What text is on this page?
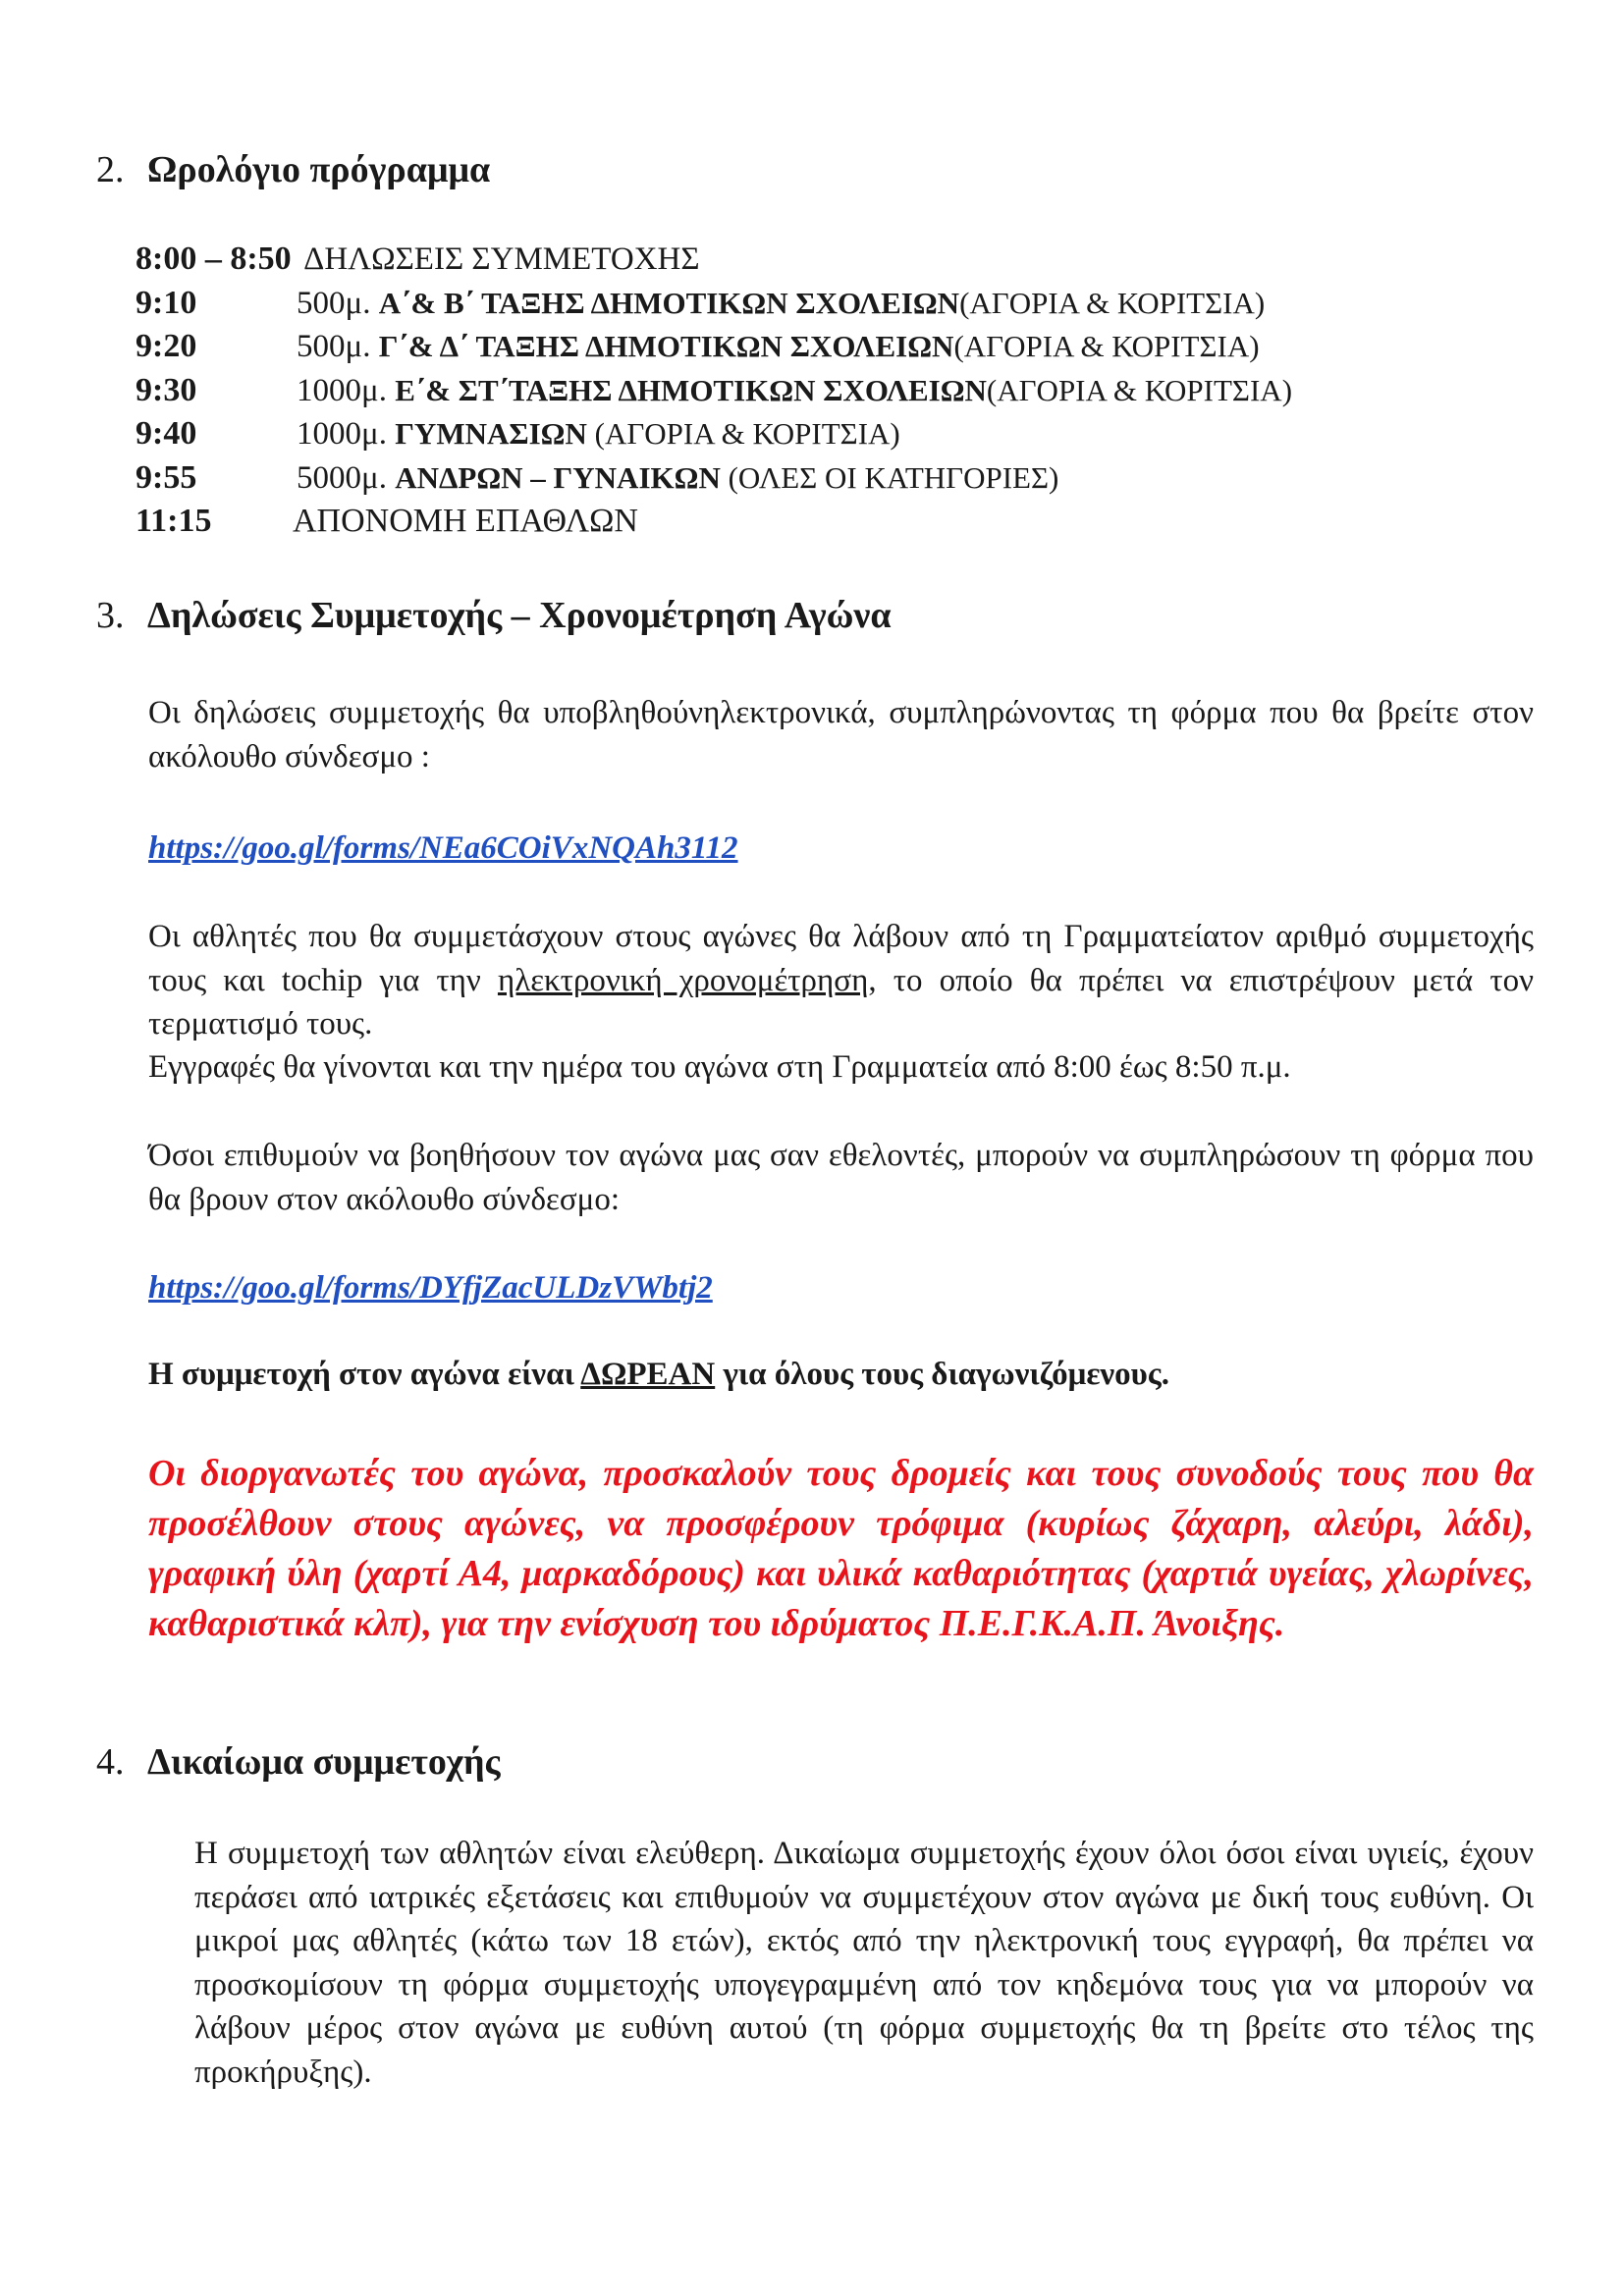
2. Ωρολόγιο πρόγραμμα
8:00 – 8:50 ΔΗΛΩΣΕΙΣ ΣΥΜΜΕΤΟΧΗΣ
9:10	500μ. Α΄& Β΄ ΤΑΞΗΣ ΔΗΜΟΤΙΚΩΝ ΣΧΟΛΕΙΩΝ(ΑΓΟΡΙΑ & ΚΟΡΙΤΣΙΑ)
9:20	500μ. Γ΄& Δ΄ ΤΑΞΗΣ ΔΗΜΟΤΙΚΩΝ ΣΧΟΛΕΙΩΝ(ΑΓΟΡΙΑ & ΚΟΡΙΤΣΙΑ)
9:30	1000μ. Ε΄& ΣΤ΄ΤΑΞΗΣ ΔΗΜΟΤΙΚΩΝ ΣΧΟΛΕΙΩΝ(ΑΓΟΡΙΑ & ΚΟΡΙΤΣΙΑ)
9:40	1000μ. ΓΥΜΝΑΣΙΩΝ (ΑΓΟΡΙΑ & ΚΟΡΙΤΣΙΑ)
9:55	5000μ. ΑΝΔΡΩΝ – ΓΥΝΑΙΚΩΝ (ΟΛΕΣ ΟΙ ΚΑΤΗΓΟΡΙΕΣ)
11:15 ΑΠΟΝΟΜΗ ΕΠΑΘΛΩΝ
3. Δηλώσεις Συμμετοχής – Χρονομέτρηση Αγώνα

Οι δηλώσεις συμμετοχής θα υποβληθούνηλεκτρονικά, συμπληρώνοντας τη φόρμα που θα βρείτε στον ακόλουθο σύνδεσμο :

https://goo.gl/forms/NEa6COiVxNQAh3112

Οι αθλητές που θα συμμετάσχουν στους αγώνες θα λάβουν από τη Γραμματείατον αριθμό συμμετοχής τους και tochip για την ηλεκτρονική χρονομέτρηση, το οποίο θα πρέπει να επιστρέψουν μετά τον τερματισμό τους.

Εγγραφές θα γίνονται και την ημέρα του αγώνα στη Γραμματεία από 8:00 έως 8:50 π.μ.

Όσοι επιθυμούν να βοηθήσουν τον αγώνα μας σαν εθελοντές, μπορούν να συμπληρώσουν τη φόρμα που θα βρουν στον ακόλουθο σύνδεσμο:

https://goo.gl/forms/DYfjZacULDzVWbtj2
Η συμμετοχή στον αγώνα είναι ΔΩΡΕΑΝ για όλους τους διαγωνιζόμενους.

Οι διοργανωτές του αγώνα, προσκαλούν τους δρομείς και τους συνοδούς τους που θα προσέλθουν στους αγώνες, να προσφέρουν τρόφιμα (κυρίως ζάχαρη, αλεύρι, λάδι), γραφική ύλη (χαρτί Α4, μαρκαδόρους) και υλικά καθαριότητας (χαρτιά υγείας, χλωρίνες, καθαριστικά κλπ), για την ενίσχυση του ιδρύματος Π.Ε.Γ.Κ.Α.Π. Άνοιξης.

4. Δικαίωμα συμμετοχής

Η συμμετοχή των αθλητών είναι ελεύθερη. Δικαίωμα συμμετοχής έχουν όλοι όσοι είναι υγιείς, έχουν περάσει από ιατρικές εξετάσεις και επιθυμούν να συμμετέχουν στον αγώνα με δική τους ευθύνη. Οι μικροί μας αθλητές (κάτω των 18 ετών), εκτός από την ηλεκτρονική τους εγγραφή, θα πρέπει να προσκομίσουν τη φόρμα συμμετοχής υπογεγραμμένη από τον κηδεμόνα τους για να μπορούν να λάβουν μέρος στον αγώνα με ευθύνη αυτού (τη φόρμα συμμετοχής θα τη βρείτε στο τέλος της προκήρυξης).
